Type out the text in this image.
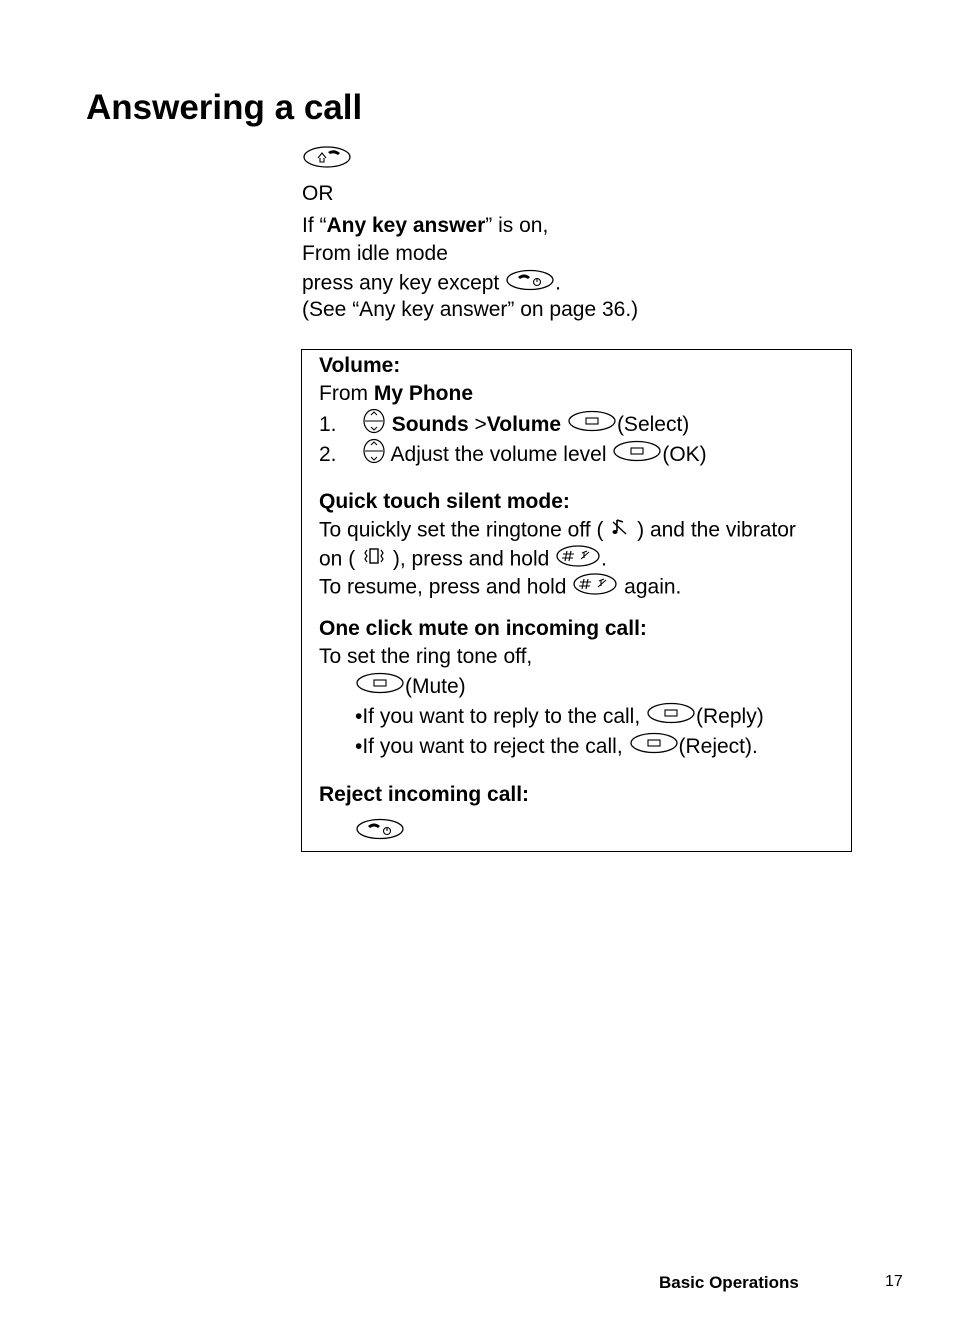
Answering a call
OR
If “Any key answer” is on,
From idle mode
press any key except	.
(See “Any key answer” on page 36.)
Volume:
From My Phone
1.	Sounds >Volume	(Select)
2.	Adjust the volume level	(OK)
Quick touch silent mode:
To quickly set the ringtone off ( ) and the vibrator
on ( ), press and hold .
To resume, press and hold	again.
One click mute on incoming call:
To set the ring tone off,
(Mute)
•If you want to reply to the call,	(Reply)
•If you want to reject the call,	(Reject).
Reject incoming call:
Basic Operations	17
